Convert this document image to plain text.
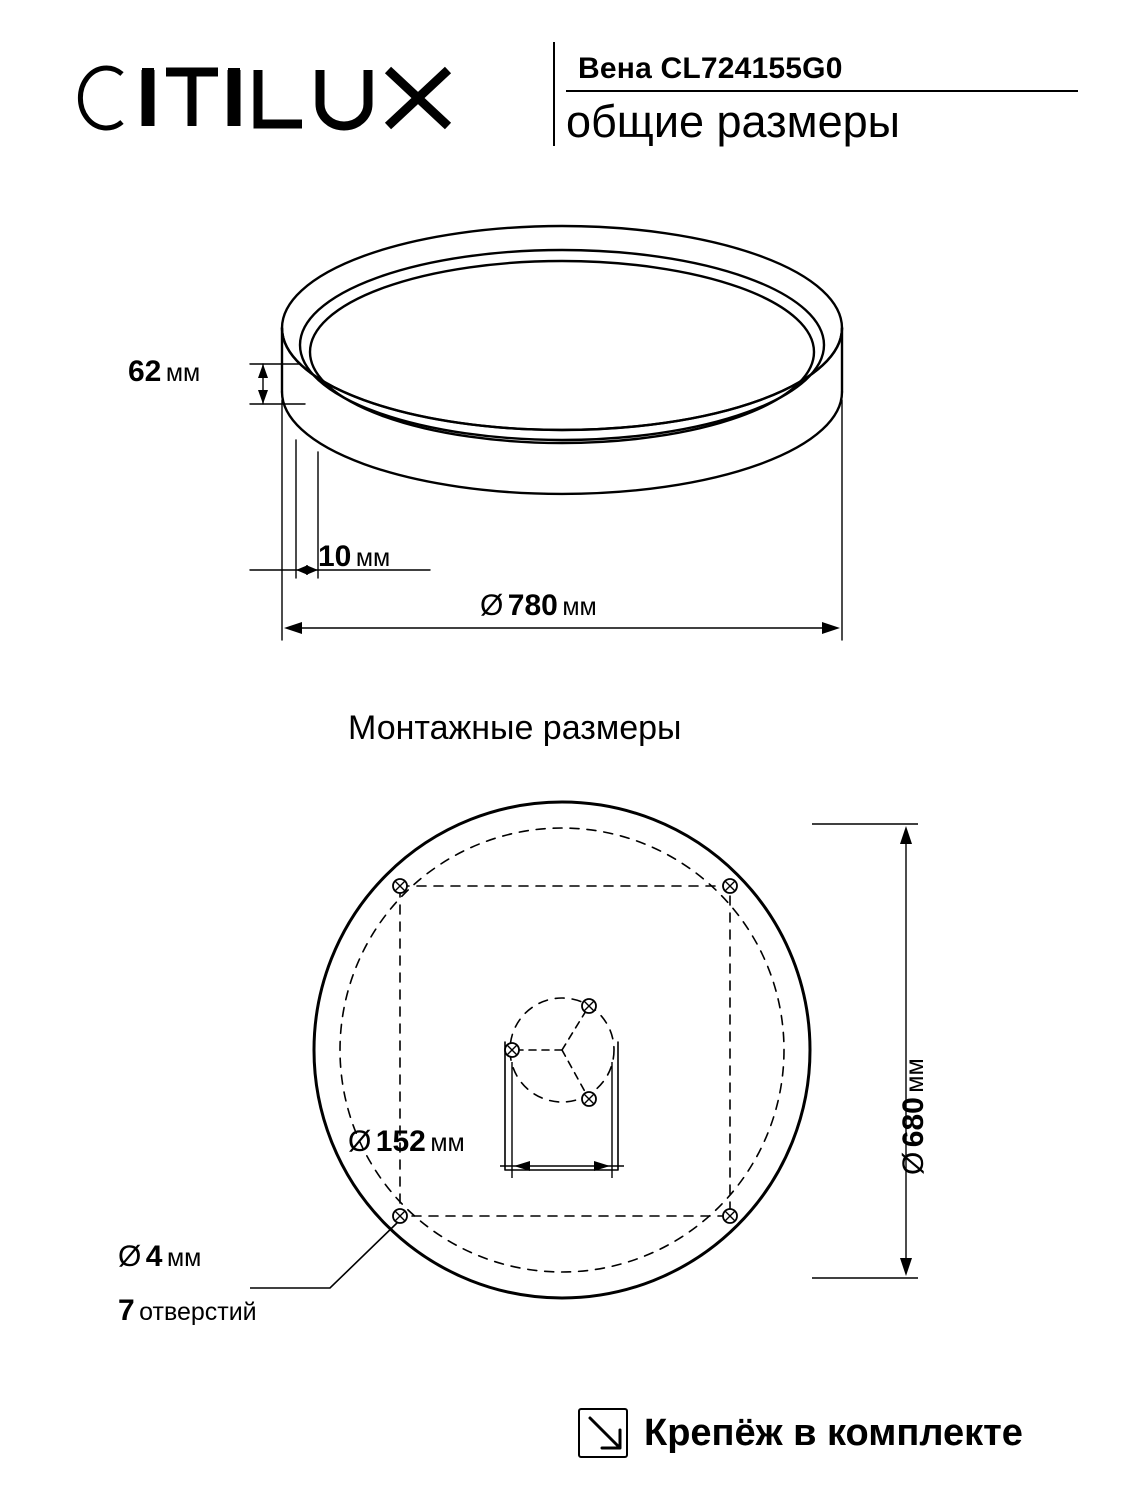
Вена CL724155G0
общие размеры
62 мм
10 мм
Ø 780 мм
Монтажные размеры
Ø 152 мм
Ø 680 мм
Ø 4 мм
7 отверстий
Крепёж в комплекте
